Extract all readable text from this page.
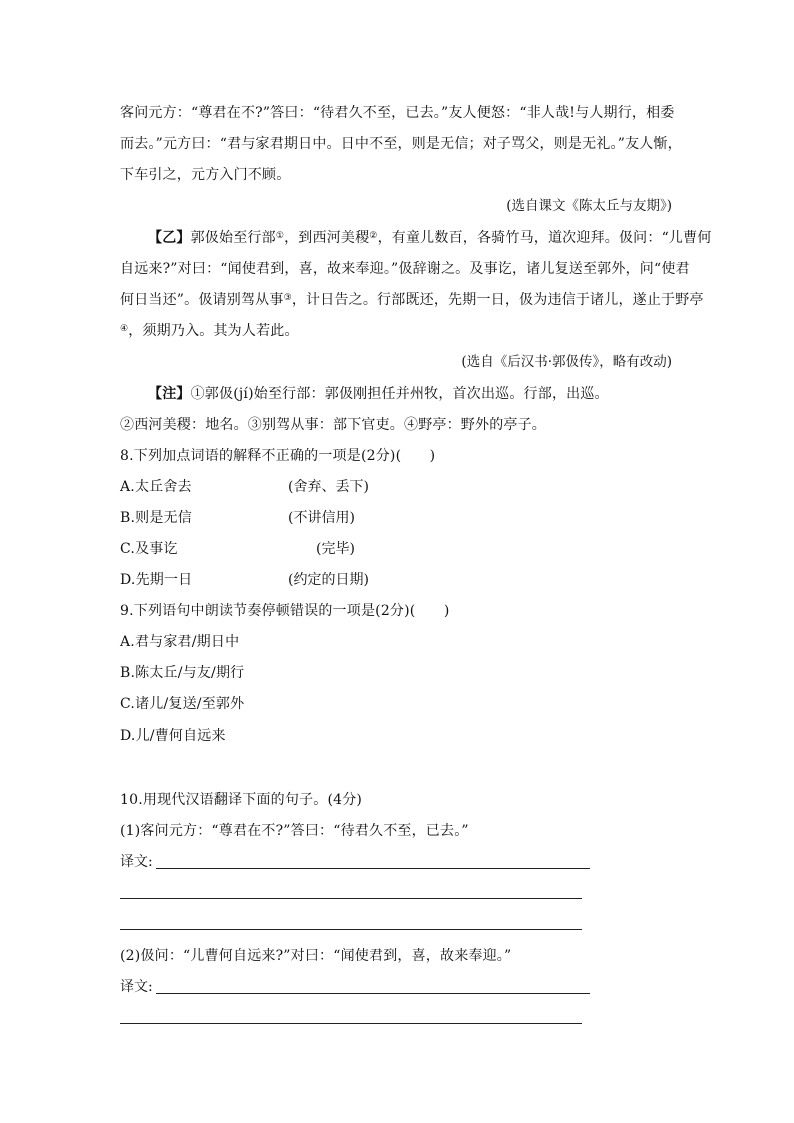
客问元方：“尊君在不?”答曰：“待君久不至，已去。”友人便怒：“非人哉!与人期行，相委
而去。”元方曰：“君与家君期日中。日中不至，则是无信；对子骂父，则是无礼。”友人惭，
下车引之，元方入门不顾。
(选自课文《陈太丘与友期》)
【乙】郭伋始至行部①，到西河美稷②，有童儿数百，各骑竹马，道次迎拜。伋问：“儿曹何
自远来?”对曰：“闻使君到，喜，故来奉迎。”伋辞谢之。及事讫，诸儿复送至郭外，问“使君
何日当还”。伋请别驾从事③，计日告之。行部既还，先期一日，伋为违信于诸儿，遂止于野亭
④，须期乃入。其为人若此。
(选自《后汉书·郭伋传》，略有改动)
【注】①郭伋(jí)始至行部：郭伋刚担任并州牧，首次出巡。行部，出巡。
②西河美稷：地名。③别驾从事：部下官吏。④野亭：野外的亭子。
8.下列加点词语的解释不正确的一项是(2分)(　　)
A.太丘舍去	(舍弃、丢下)
B.则是无信	(不讲信用)
C.及事讫	(完毕)
D.先期一日	(约定的日期)
9.下列语句中朗读节奏停顿错误的一项是(2分)(　　)
A.君与家君/期日中
B.陈太丘/与友/期行
C.诸儿/复送/至郭外
D.儿/曹何自远来
10.用现代汉语翻译下面的句子。(4分)
(1)客问元方：“尊君在不?”答曰：“待君久不至，已去。”
译文:
(2)伋问：“儿曹何自远来?”对曰：“闻使君到，喜，故来奉迎。”
译文:
